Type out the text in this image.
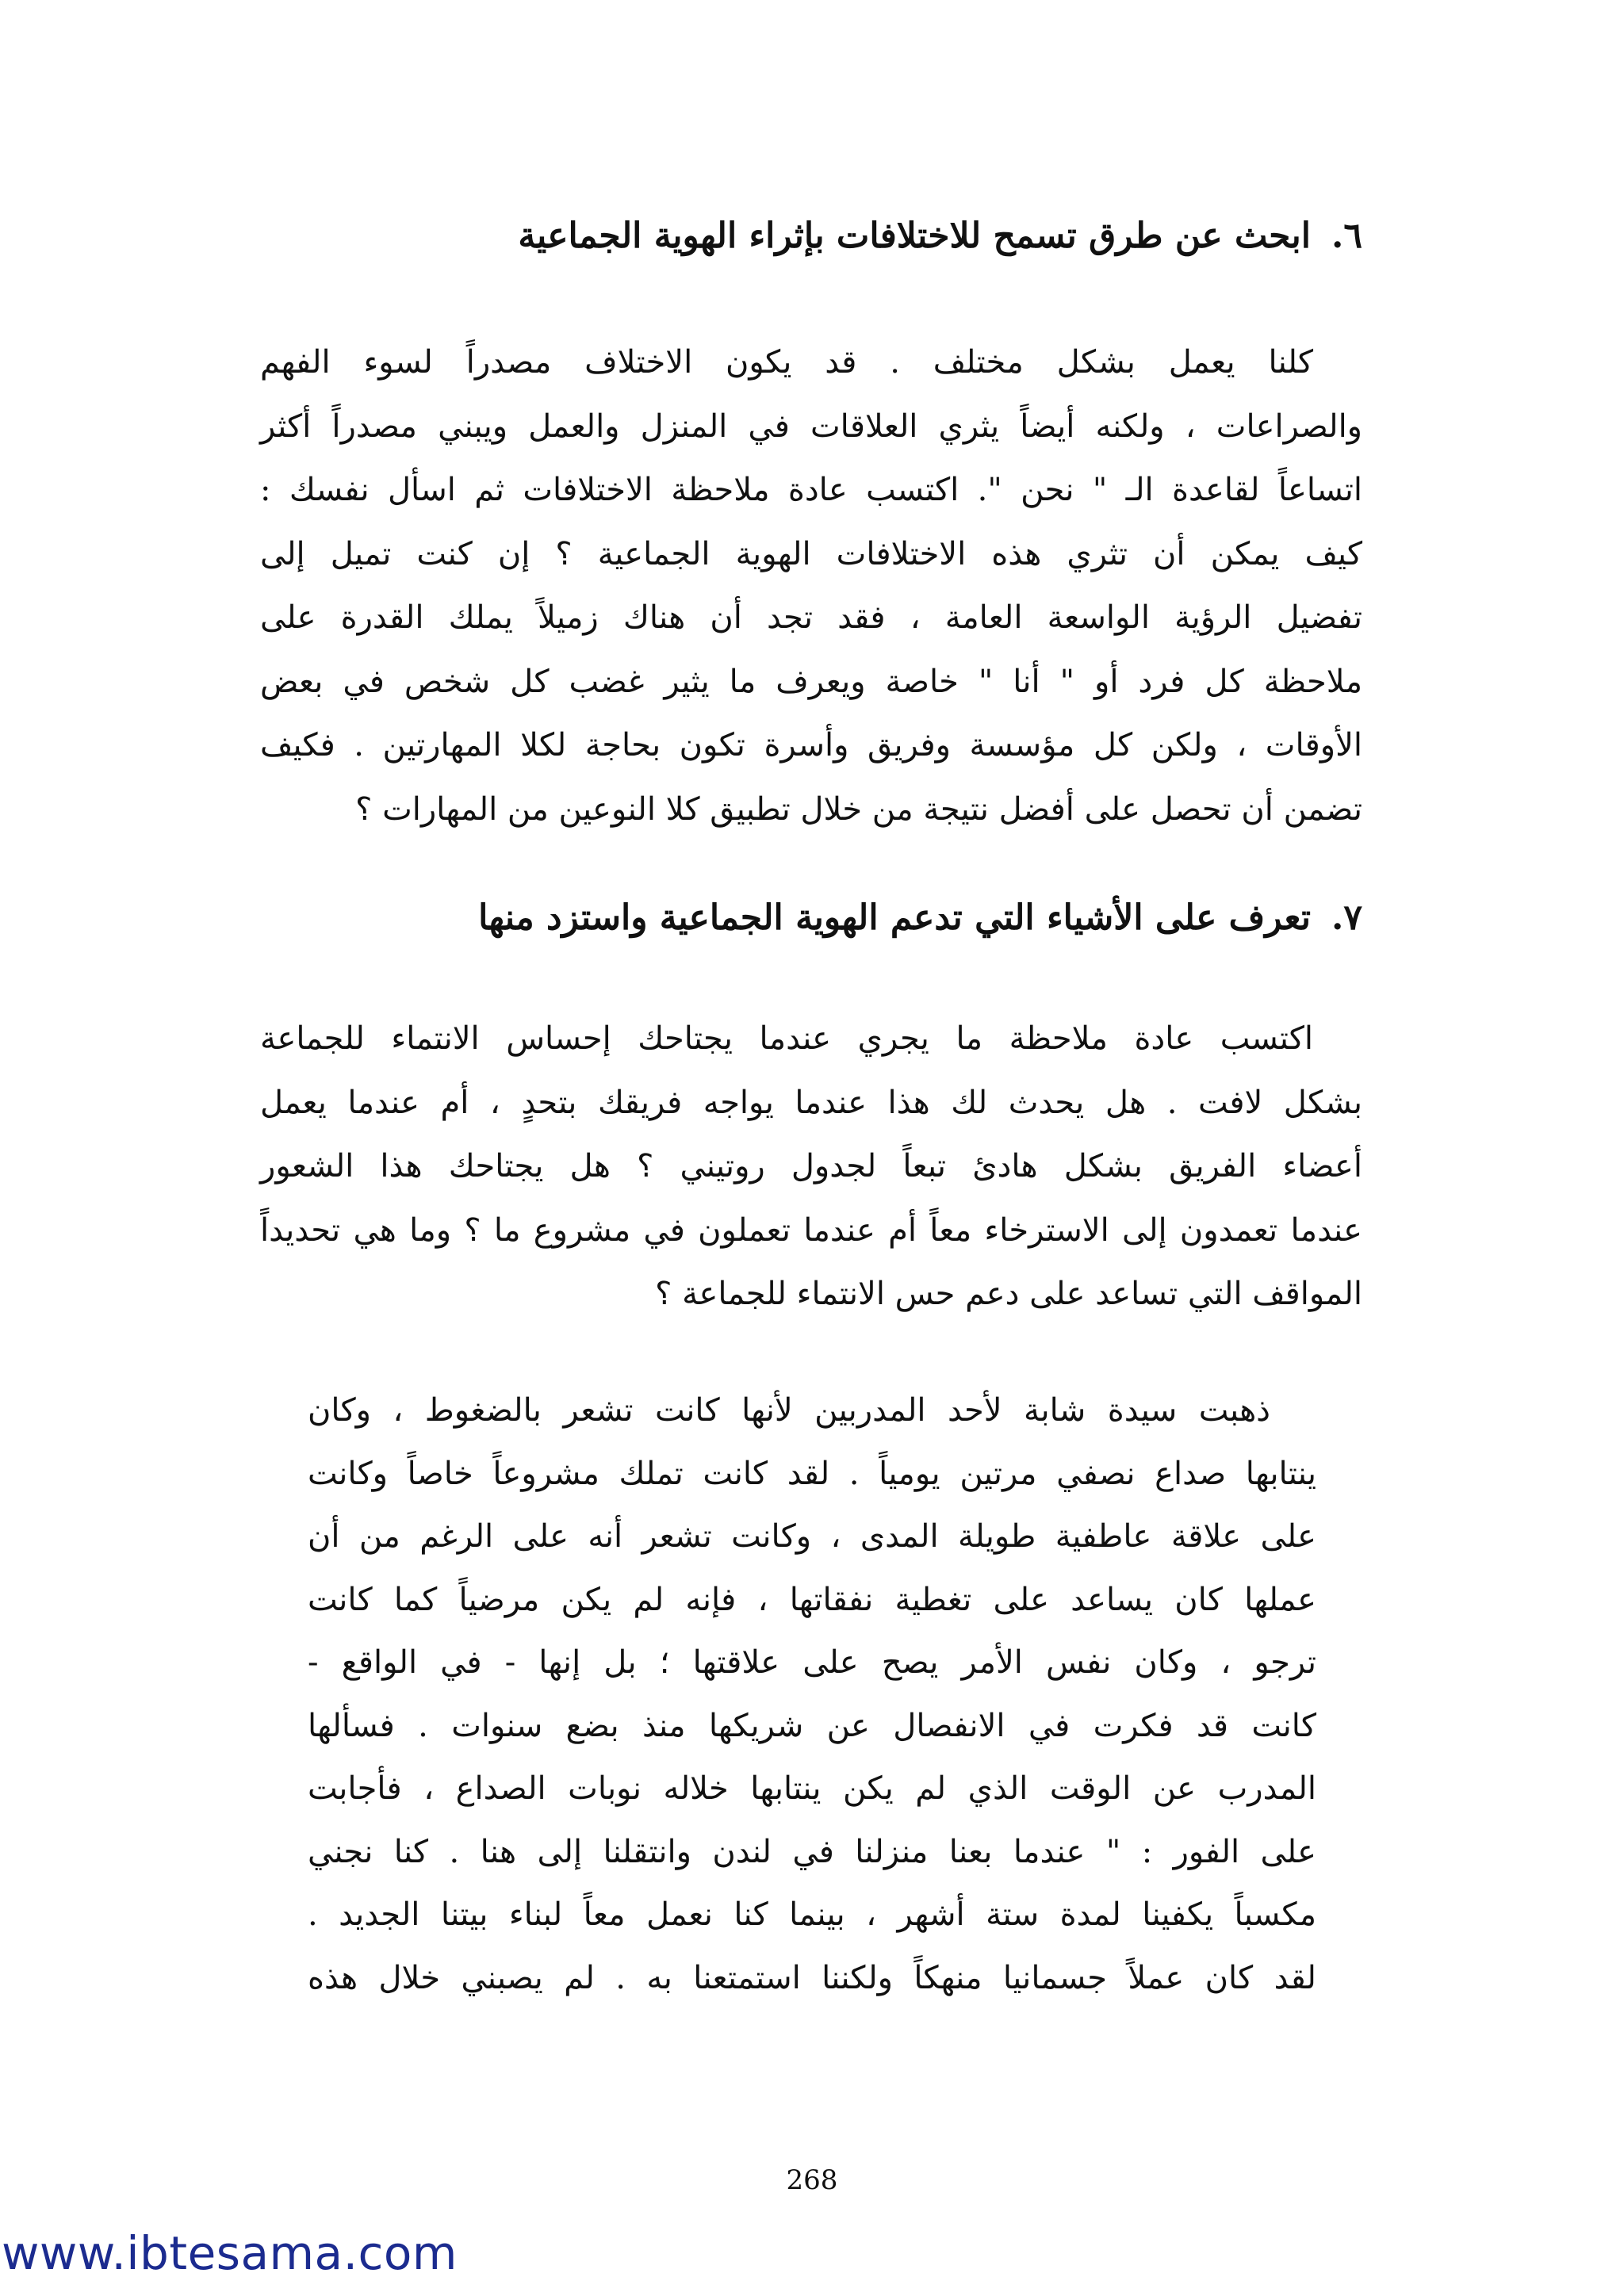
٦.ابحث عن طرق تسمح للاختلافات بإثراء الهوية الجماعية
كلنا يعمل بشكل مختلف . قد يكون الاختلاف مصدراً لسوء الفهم
والصراعات ، ولكنه أيضاً يثري العلاقات في المنزل والعمل ويبني مصدراً أكثر
اتساعاً لقاعدة الـ " نحن ". اكتسب عادة ملاحظة الاختلافات ثم اسأل نفسك :
كيف يمكن أن تثري هذه الاختلافات الهوية الجماعية ؟ إن كنت تميل إلى
تفضيل الرؤية الواسعة العامة ، فقد تجد أن هناك زميلاً يملك القدرة على
ملاحظة كل فرد أو " أنا " خاصة ويعرف ما يثير غضب كل شخص في بعض
الأوقات ، ولكن كل مؤسسة وفريق وأسرة تكون بحاجة لكلا المهارتين . فكيف
تضمن أن تحصل على أفضل نتيجة من خلال تطبيق كلا النوعين من المهارات ؟
٧.تعرف على الأشياء التي تدعم الهوية الجماعية واستزد منها
اكتسب عادة ملاحظة ما يجري عندما يجتاحك إحساس الانتماء للجماعة
بشكل لافت . هل يحدث لك هذا عندما يواجه فريقك بتحدٍ ، أم عندما يعمل
أعضاء الفريق بشكل هادئ تبعاً لجدول روتيني ؟ هل يجتاحك هذا الشعور
عندما تعمدون إلى الاسترخاء معاً أم عندما تعملون في مشروع ما ؟ وما هي تحديداً
المواقف التي تساعد على دعم حس الانتماء للجماعة ؟
ذهبت سيدة شابة لأحد المدربين لأنها كانت تشعر بالضغوط ، وكان
ينتابها صداع نصفي مرتين يومياً . لقد كانت تملك مشروعاً خاصاً وكانت
على علاقة عاطفية طويلة المدى ، وكانت تشعر أنه على الرغم من أن
عملها كان يساعد على تغطية نفقاتها ، فإنه لم يكن مرضياً كما كانت
ترجو ، وكان نفس الأمر يصح على علاقتها ؛ بل إنها - في الواقع -
كانت قد فكرت في الانفصال عن شريكها منذ بضع سنوات . فسألها
المدرب عن الوقت الذي لم يكن ينتابها خلاله نوبات الصداع ، فأجابت
على الفور : " عندما بعنا منزلنا في لندن وانتقلنا إلى هنا . كنا نجني
مكسباً يكفينا لمدة ستة أشهر ، بينما كنا نعمل معاً لبناء بيتنا الجديد .
لقد كان عملاً جسمانيا منهكاً ولكننا استمتعنا به . لم يصبني خلال هذه
268
www.ibtesama.com
